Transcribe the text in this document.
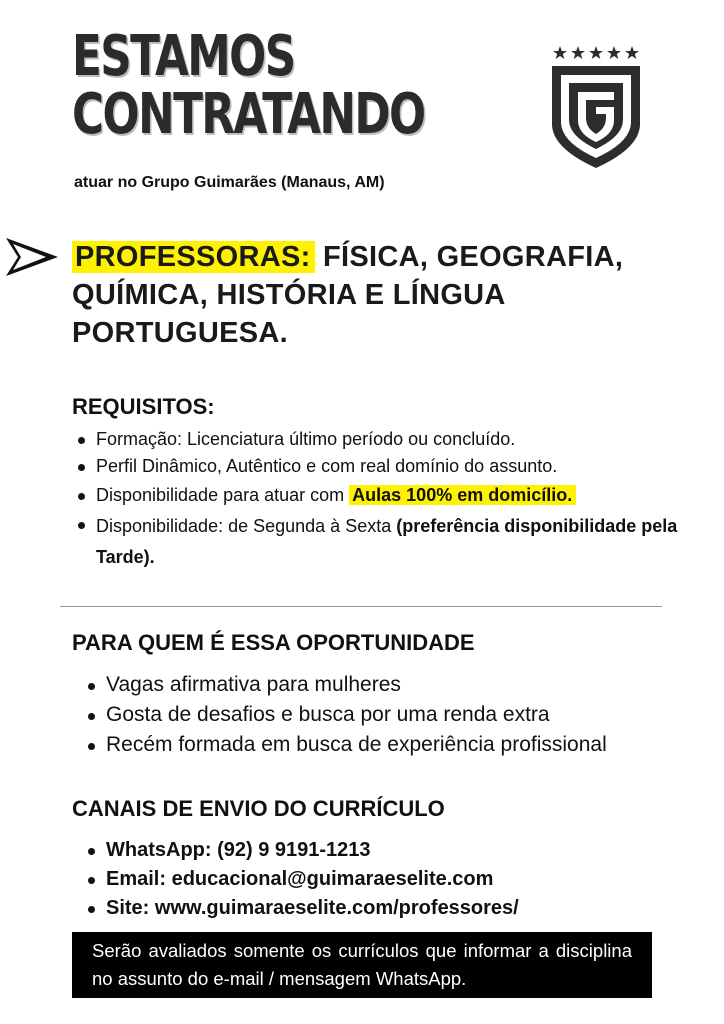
ESTAMOS
CONTRATANDO
atuar no Grupo Guimarães (Manaus, AM)

PROFESSORAS: FÍSICA, GEOGRAFIA, QUÍMICA, HISTÓRIA E LÍNGUA PORTUGUESA.

REQUISITOS:
Formação: Licenciatura último período ou concluído.
Perfil Dinâmico, Autêntico e com real domínio do assunto.
Disponibilidade para atuar com Aulas 100% em domicílio.
Disponibilidade: de Segunda à Sexta (preferência disponibilidade pela Tarde).
PARA QUEM É ESSA OPORTUNIDADE
Vagas afirmativa para mulheres
Gosta de desafios e busca por uma renda extra
Recém formada em busca de experiência profissional
CANAIS DE ENVIO DO CURRÍCULO
WhatsApp: (92) 9 9191-1213
Email: educacional@guimaraeselite.com
Site: www.guimaraeselite.com/professores/
Serão avaliados somente os currículos que informar a disciplina no assunto do e-mail / mensagem WhatsApp.
